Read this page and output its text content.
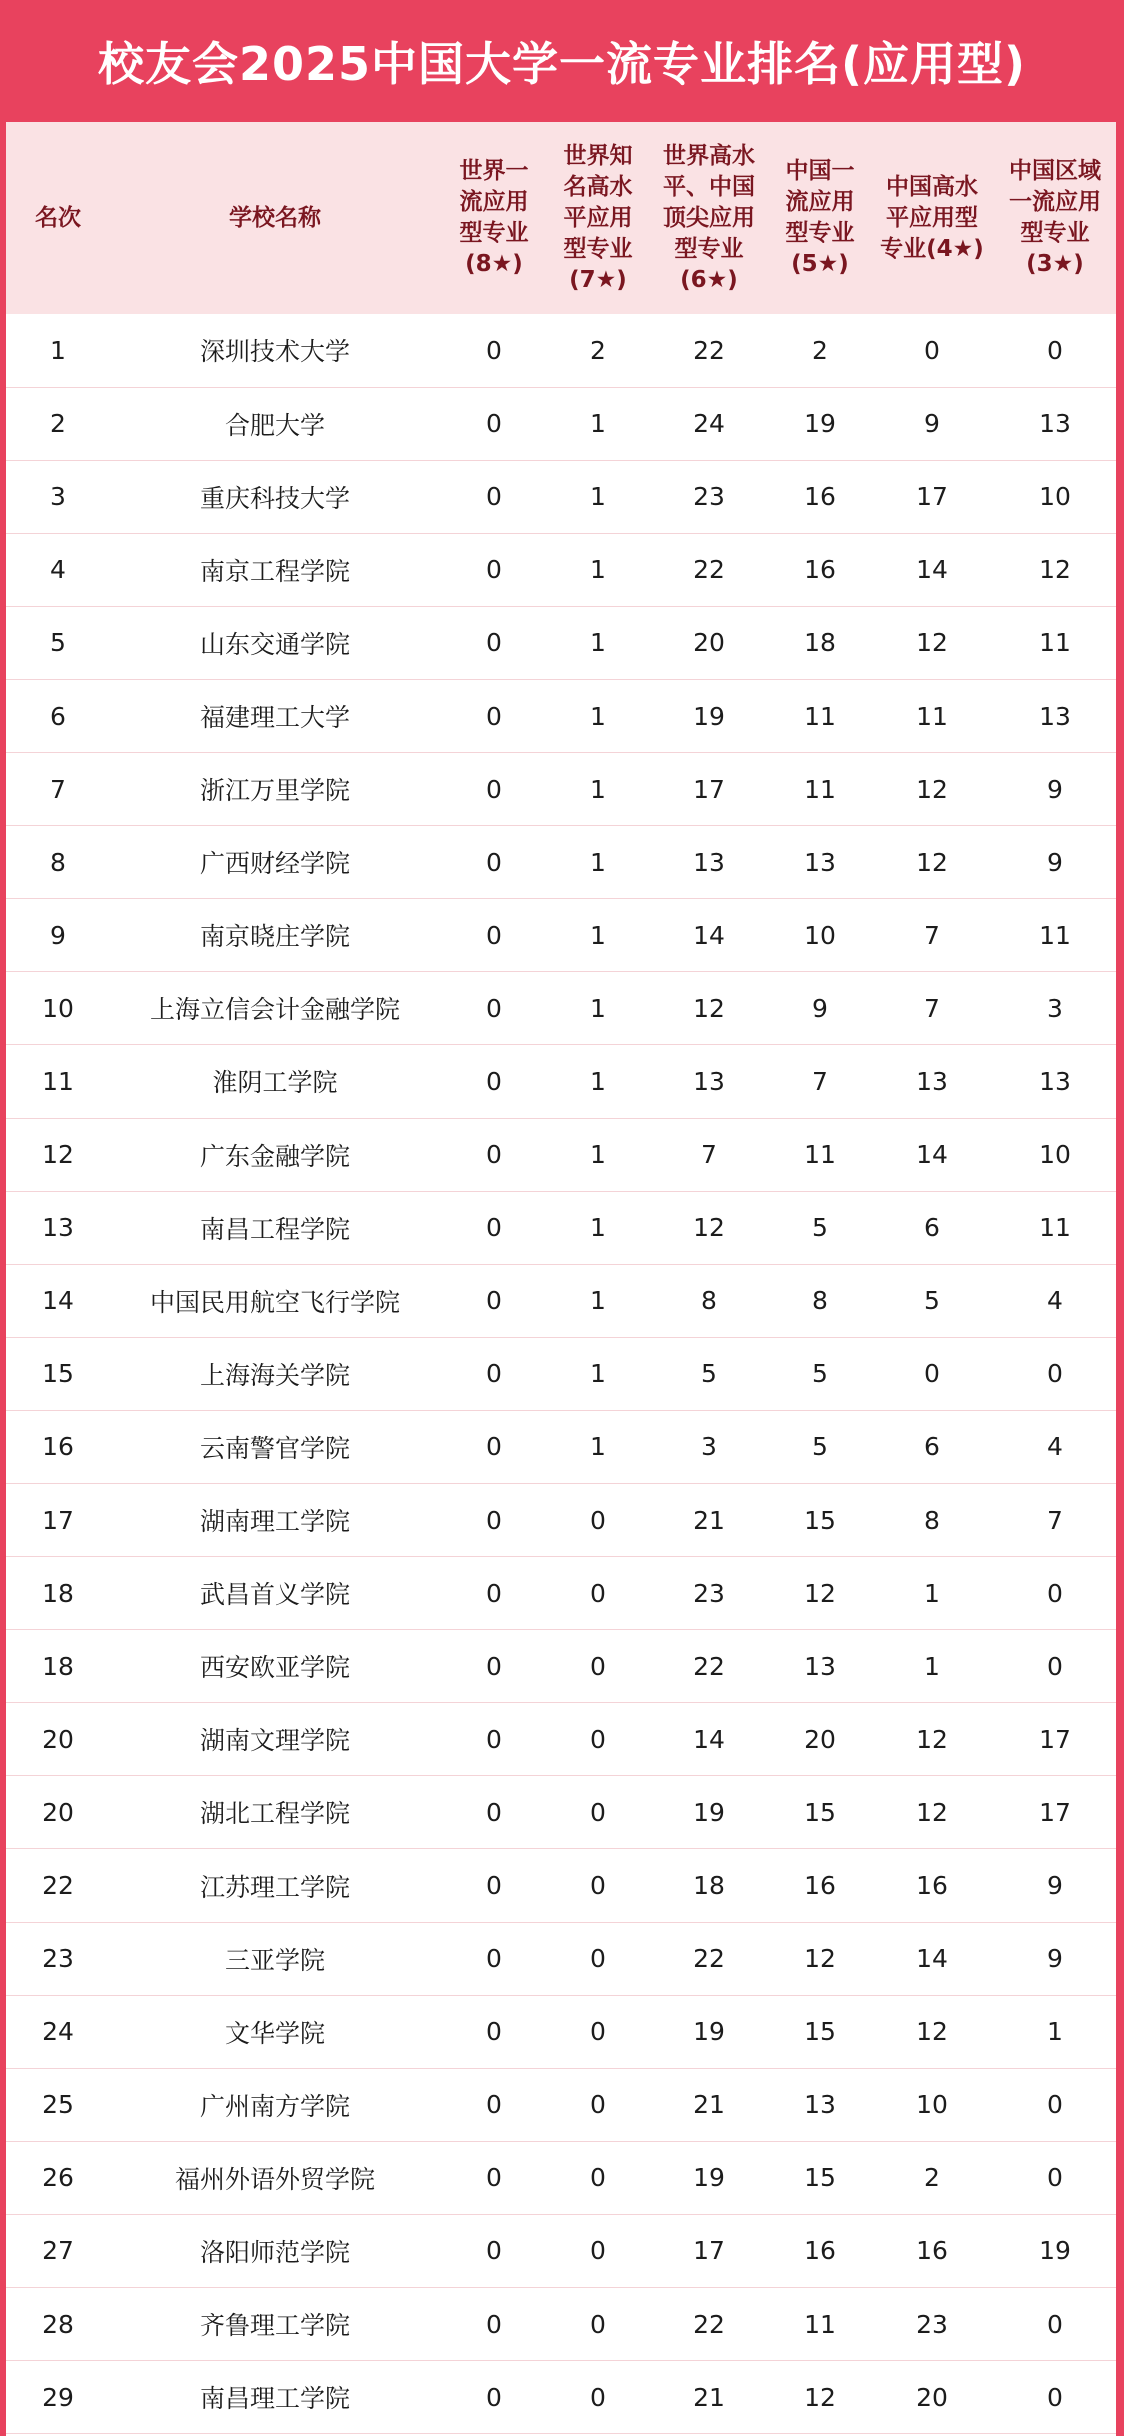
校友会2025中国大学一流专业排名(应用型)
名次	学校名称	世界一
流应用
型专业
(8★)	世界知
名高水
平应用
型专业
(7★)	世界高水
平、中国
顶尖应用
型专业
(6★)	中国一
流应用
型专业
(5★)	中国高水
平应用型
专业(4★)	中国区域
一流应用
型专业
(3★)

1	深圳技术大学	0	2	22	2	0	0
2	合肥大学	0	1	24	19	9	13
3	重庆科技大学	0	1	23	16	17	10
4	南京工程学院	0	1	22	16	14	12
5	山东交通学院	0	1	20	18	12	11
6	福建理工大学	0	1	19	11	11	13
7	浙江万里学院	0	1	17	11	12	9
8	广西财经学院	0	1	13	13	12	9
9	南京晓庄学院	0	1	14	10	7	11
10	上海立信会计金融学院	0	1	12	9	7	3
11	淮阴工学院	0	1	13	7	13	13
12	广东金融学院	0	1	7	11	14	10
13	南昌工程学院	0	1	12	5	6	11
14	中国民用航空飞行学院	0	1	8	8	5	4
15	上海海关学院	0	1	5	5	0	0
16	云南警官学院	0	1	3	5	6	4
17	湖南理工学院	0	0	21	15	8	7
18	武昌首义学院	0	0	23	12	1	0
18	西安欧亚学院	0	0	22	13	1	0
20	湖南文理学院	0	0	14	20	12	17
20	湖北工程学院	0	0	19	15	12	17
22	江苏理工学院	0	0	18	16	16	9
23	三亚学院	0	0	22	12	14	9
24	文华学院	0	0	19	15	12	1
25	广州南方学院	0	0	21	13	10	0
26	福州外语外贸学院	0	0	19	15	2	0
27	洛阳师范学院	0	0	17	16	16	19
28	齐鲁理工学院	0	0	22	11	23	0
29	南昌理工学院	0	0	21	12	20	0
